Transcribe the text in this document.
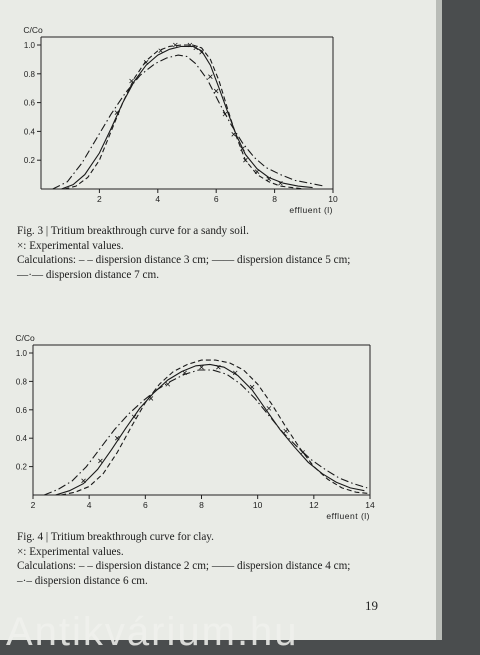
0.2
0.4
0.6
0.8
1.0
2	4	6	8	10
C/Co
effluent (l)
Fig. 3 | Tritium breakthrough curve for a sandy soil.
×: Experimental values.
Calculations: – – dispersion distance 3 cm; —— dispersion distance 5 cm;
—·— dispersion distance 7 cm.
0.2
0.4
0.6
0.8
1.0
2	4	6	8	10	12	14
C/Co
effluent (l)
Fig. 4 | Tritium breakthrough curve for clay.
×: Experimental values.
Calculations: – – dispersion distance 2 cm; —— dispersion distance 4 cm;
–·– dispersion distance 6 cm.
19
Antikvárium.hu
